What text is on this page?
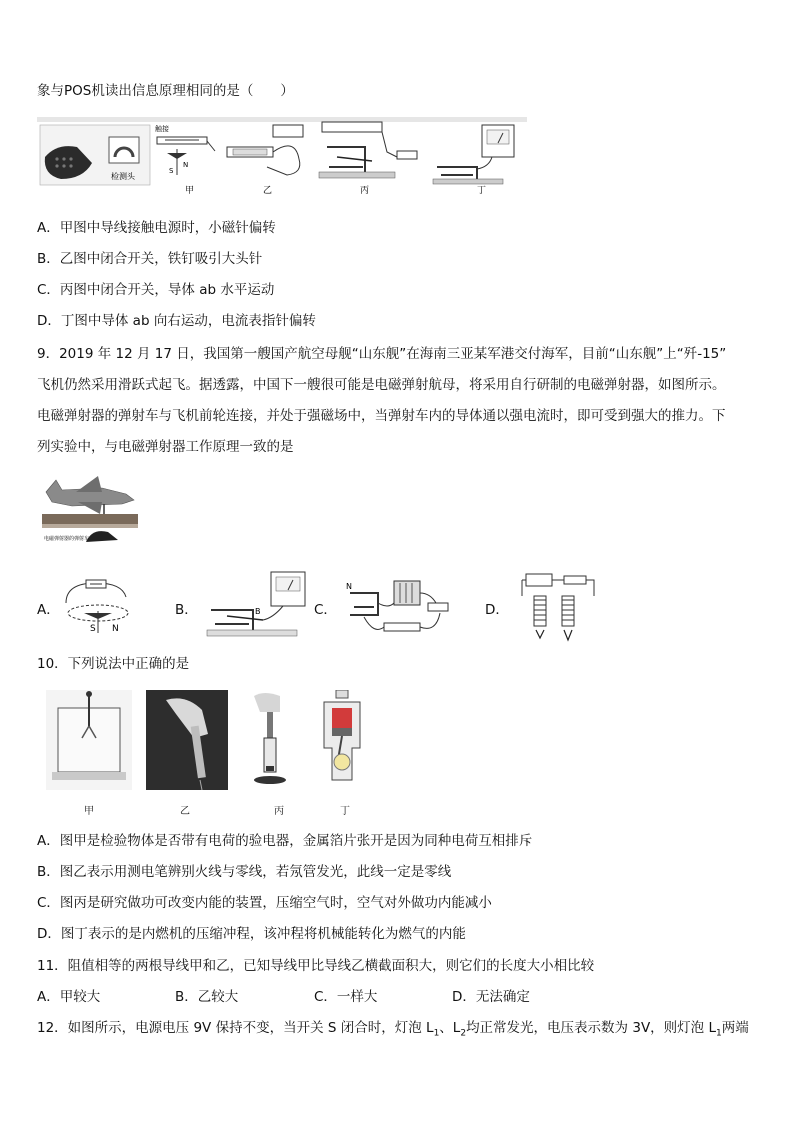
象与POS机读出信息原理相同的是（　　）
检测头
触接
S
N
甲	乙	丙	丁
A．甲图中导线接触电源时，小磁针偏转
B．乙图中闭合开关，铁钉吸引大头针
C．丙图中闭合开关，导体 ab 水平运动
D．丁图中导体 ab 向右运动，电流表指针偏转
9．2019 年 12 月 17 日，我国第一艘国产航空母舰“山东舰”在海南三亚某军港交付海军，目前“山东舰”上“歼-15”
飞机仍然采用滑跃式起飞。据透露，中国下一艘很可能是电磁弹射航母，将采用自行研制的电磁弹射器，如图所示。
电磁弹射器的弹射车与飞机前轮连接，并处于强磁场中，当弹射车内的导体通以强电流时，即可受到强大的推力。下
列实验中，与电磁弹射器工作原理一致的是
电磁弹射器的弹射车
A．
S N
B．	B	C．
N
D．
10．下列说法中正确的是
甲	乙	丙	丁
A．图甲是检验物体是否带有电荷的验电器，金属箔片张开是因为同种电荷互相排斥
B．图乙表示用测电笔辨别火线与零线，若氖管发光，此线一定是零线
C．图丙是研究做功可改变内能的装置，压缩空气时，空气对外做功内能减小
D．图丁表示的是内燃机的压缩冲程，该冲程将机械能转化为燃气的内能
11．阻值相等的两根导线甲和乙，已知导线甲比导线乙横截面积大，则它们的长度大小相比较
A．甲较大	B．乙较大	C．一样大	D．无法确定
12．如图所示，电源电压 9V 保持不变，当开关 S 闭合时，灯泡 $L_1$、$L_2$均正常发光，电压表示数为 3V，则灯泡 $L_1$两端
